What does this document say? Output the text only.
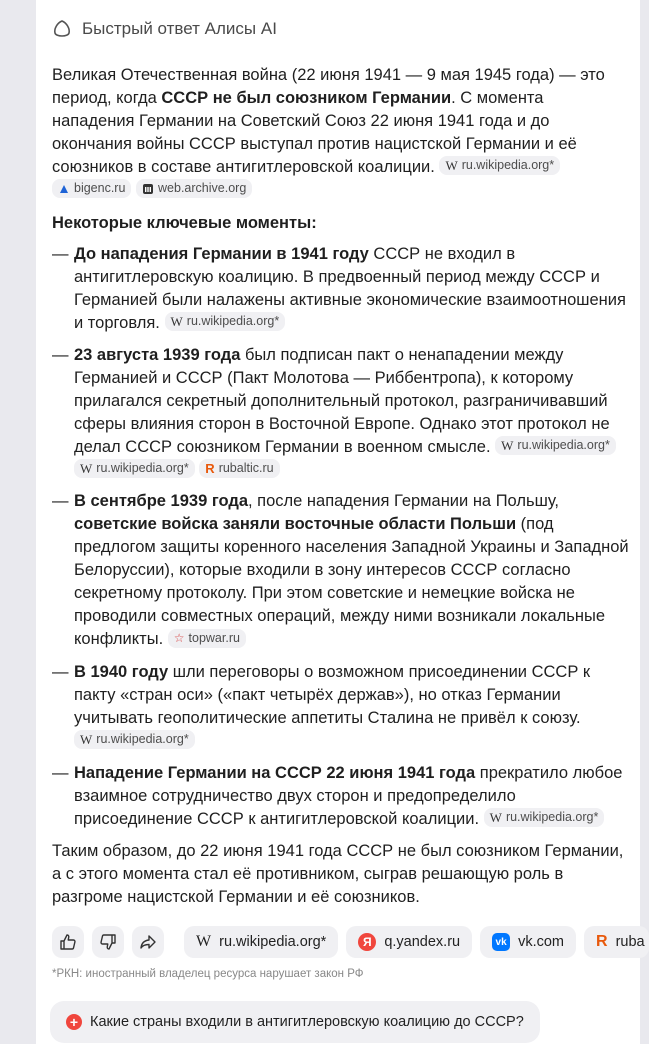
Быстрый ответ Алисы AI
Великая Отечественная война (22 июня 1941 — 9 мая 1945 года) — это период, когда СССР не был союзником Германии. С момента нападения Германии на Советский Союз 22 июня 1941 года и до окончания войны СССР выступал против нацистской Германии и её союзников в составе антигитлеровской коалиции. W ru.wikipedia.org*

bigenc.ru
	web.archive.org
Некоторые ключевые моменты:
— До нападения Германии в 1941 году СССР не входил в антигитлеровскую коалицию. В предвоенный период между СССР и Германией были налажены активные экономические взаимоотношения и торговля. W ru.wikipedia.org*
— 23 августа 1939 года был подписан пакт о ненападении между Германией и СССР (Пакт Молотова — Риббентропа), к которому прилагался секретный дополнительный протокол, разграничивавший сферы влияния сторон в Восточной Европе. Однако этот протокол не делал СССР союзником Германии в военном смысле. W ru.wikipedia.org*

W ru.wikipedia.org*
R rubaltic.ru
— В сентябре 1939 года, после нападения Германии на Польшу, советские войска заняли восточные области Польши (под предлогом защиты коренного населения Западной Украины и Западной Белоруссии), которые входили в зону интересов СССР согласно секретному протоколу. При этом советские и немецкие войска не проводили совместных операций, между ними возникали локальные конфликты. ☆ topwar.ru
— В 1940 году шли переговоры о возможном присоединении СССР к пакту «стран оси» («пакт четырёх держав»), но отказ Германии учитывать геополитические аппетиты Сталина не привёл к союзу.
W ru.wikipedia.org*
— Нападение Германии на СССР 22 июня 1941 года прекратило любое взаимное сотрудничество двух сторон и предопределило присоединение СССР к антигитлеровской коалиции. W ru.wikipedia.org*
Таким образом, до 22 июня 1941 года СССР не был союзником Германии, а с этого момента стал её противником, сыграв решающую роль в разгроме нацистской Германии и её союзников.
W ru.wikipedia.org*	Я q.yandex.ru	vk vk.com R ruba
*РКН: иностранный владелец ресурса нарушает закон РФ
+ Какие страны входили в антигитлеровскую коалицию до СССР?
